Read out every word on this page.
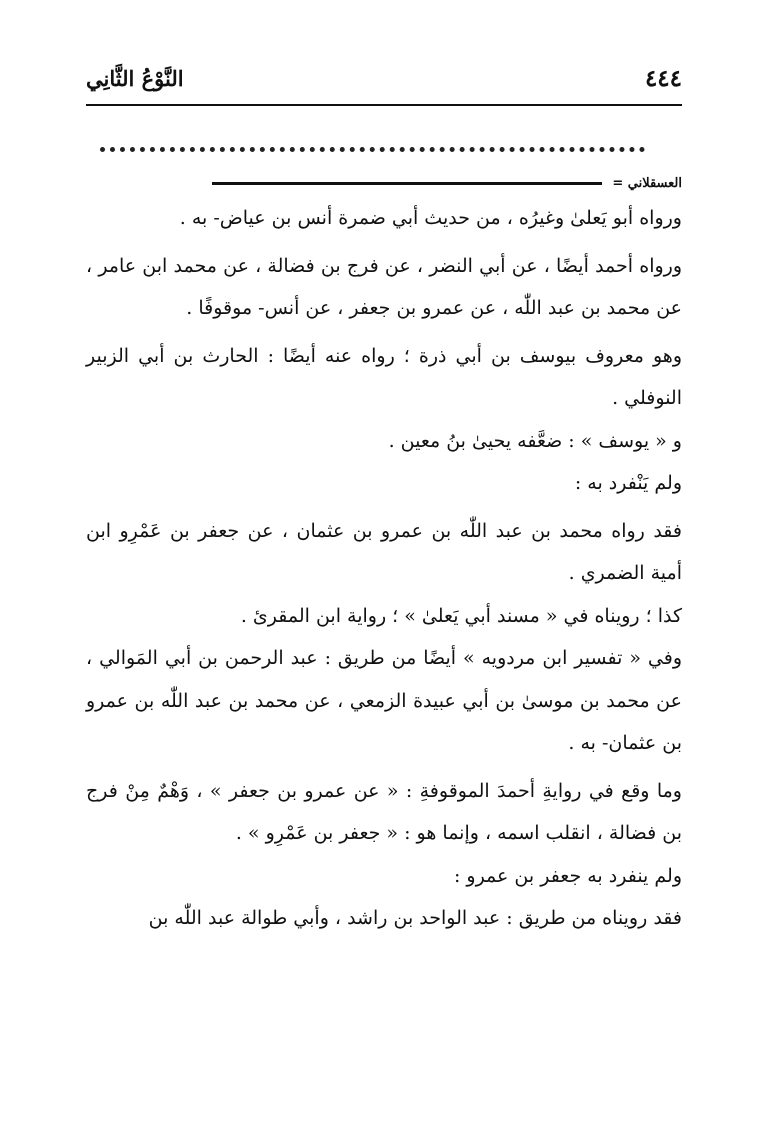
٤٤٤
النَّوْعُ الثَّانِي
العسقلاني =

ورواه أبو يَعلىٰ وغيرُه ، من حديث أبي ضمرة أنس بن عياض- به .

ورواه أحمد أيضًا ، عن أبي النضر ، عن فرج بن فضالة ، عن محمد ابن عامر ، عن محمد بن عبد اللّٰه ، عن عمرو بن جعفر ، عن أنس- موقوفًا .

وهو معروف بيوسف بن أبي ذرة ؛ رواه عنه أيضًا : الحارث بن أبي الزبير النوفلي .

و « يوسف » : ضعَّفه يحيىٰ بنُ معين .

ولم يَنْفرد به :

فقد رواه محمد بن عبد اللّٰه بن عمرو بن عثمان ، عن جعفر بن عَمْرِو ابن أمية الضمري .

كذا ؛ رويناه في « مسند أبي يَعلىٰ » ؛ رواية ابن المقرئ .

وفي « تفسير ابن مردويه » أيضًا من طريق : عبد الرحمن بن أبي المَوالي ، عن محمد بن موسىٰ بن أبي عبيدة الزمعي ، عن محمد بن عبد اللّٰه بن عمرو بن عثمان- به .

وما وقع في روايةِ أحمدَ الموقوفةِ : « عن عمرو بن جعفر » ، وَهْمٌ مِنْ فرج بن فضالة ، انقلب اسمه ، وإنما هو : « جعفر بن عَمْرِو » .

ولم ينفرد به جعفر بن عمرو :

فقد رويناه من طريق : عبد الواحد بن راشد ، وأبي طوالة عبد اللّٰه بن
